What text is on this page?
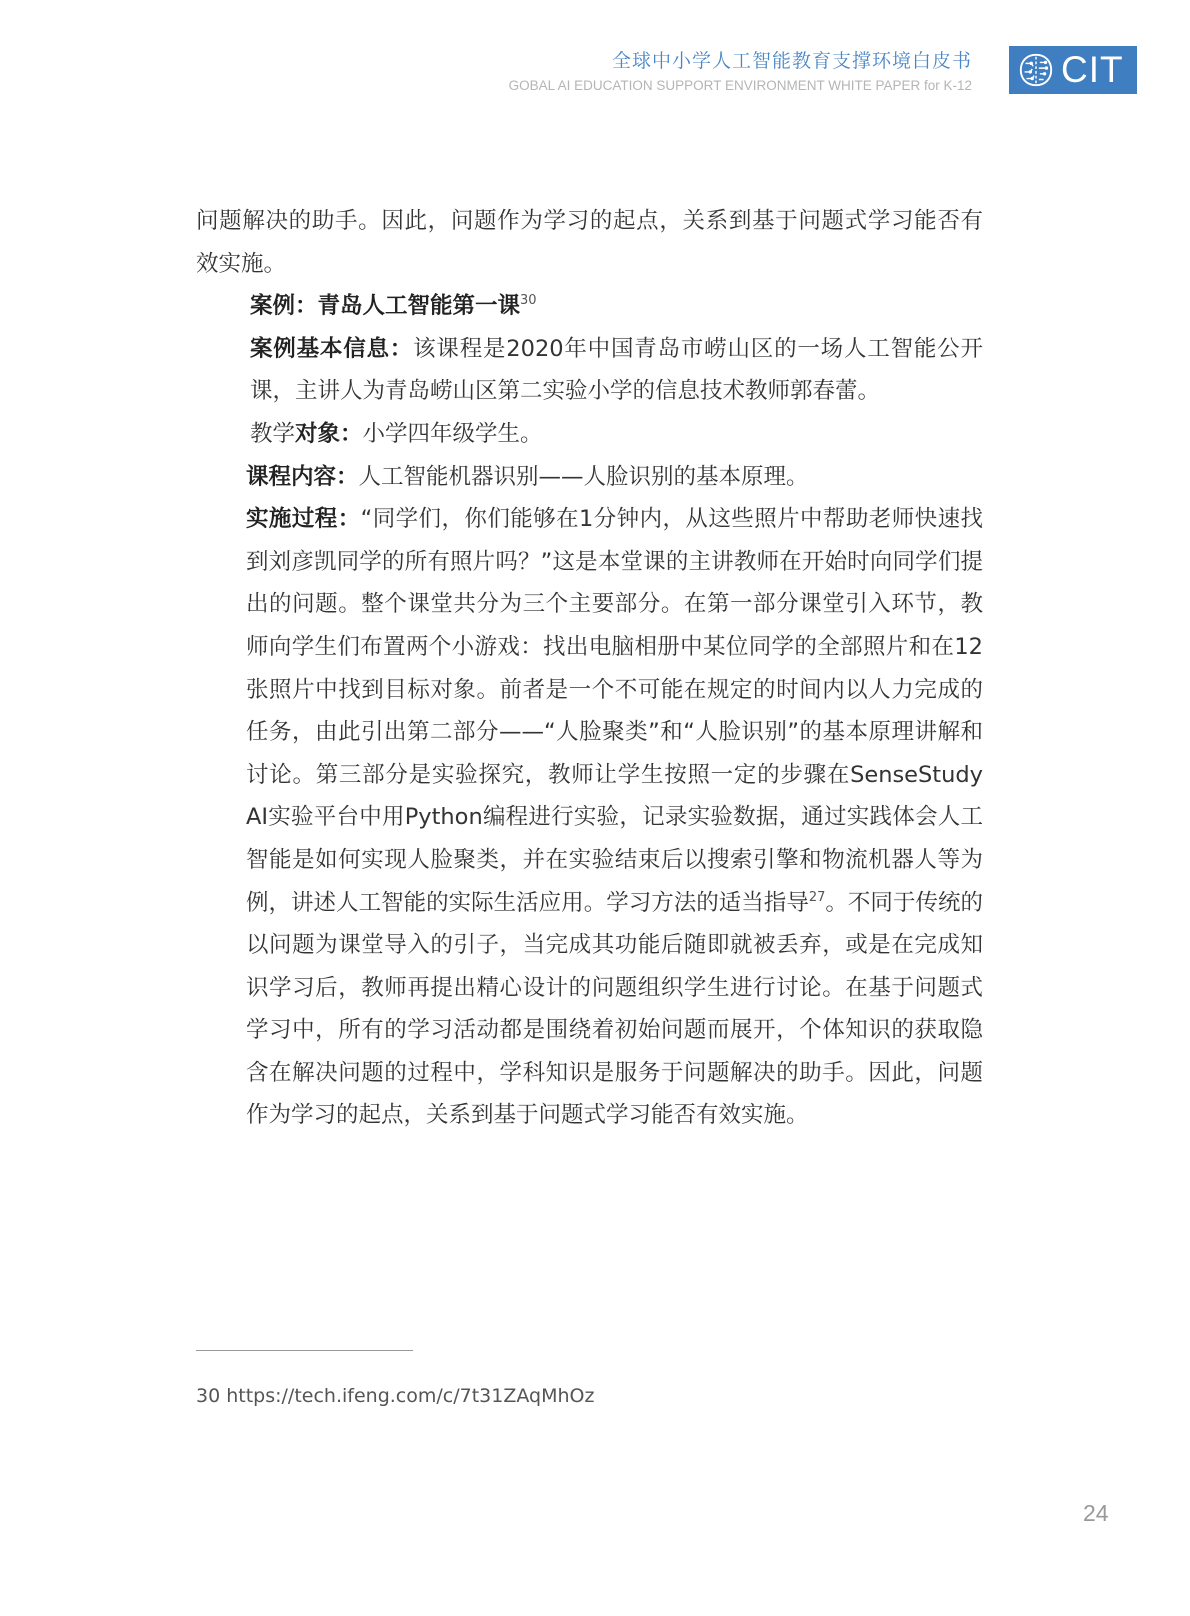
全球中小学人工智能教育支撑环境白皮书
GOBAL AI EDUCATION SUPPORT ENVIRONMENT WHITE PAPER for K-12 CIT

问题解决的助手。因此，问题作为学习的起点，关系到基于问题式学习能否有效实施。

案例：青岛人工智能第一课$^{30}$

案例基本信息：该课程是2020年中国青岛市崂山区的一场人工智能公开课，主讲人为青岛崂山区第二实验小学的信息技术教师郭春蕾。

教学对象：小学四年级学生。

课程内容：人工智能机器识别——人脸识别的基本原理。

实施过程：“同学们，你们能够在1分钟内，从这些照片中帮助老师快速找到刘彦凯同学的所有照片吗？”这是本堂课的主讲教师在开始时向同学们提出的问题。整个课堂共分为三个主要部分。在第一部分课堂引入环节，教师向学生们布置两个小游戏：找出电脑相册中某位同学的全部照片和在12张照片中找到目标对象。前者是一个不可能在规定的时间内以人力完成的任务，由此引出第二部分——“人脸聚类”和“人脸识别”的基本原理讲解和讨论。第三部分是实验探究，教师让学生按照一定的步骤在SenseStudy AI实验平台中用Python编程进行实验，记录实验数据，通过实践体会人工智能是如何实现人脸聚类，并在实验结束后以搜索引擎和物流机器人等为例，讲述人工智能的实际生活应用。学习方法的适当指导$^{27}$。不同于传统的以问题为课堂导入的引子，当完成其功能后随即就被丢弃，或是在完成知识学习后，教师再提出精心设计的问题组织学生进行讨论。在基于问题式学习中，所有的学习活动都是围绕着初始问题而展开，个体知识的获取隐含在解决问题的过程中，学科知识是服务于问题解决的助手。因此，问题作为学习的起点，关系到基于问题式学习能否有效实施。

30 https://tech.ifeng.com/c/7t31ZAqMhOz
24
